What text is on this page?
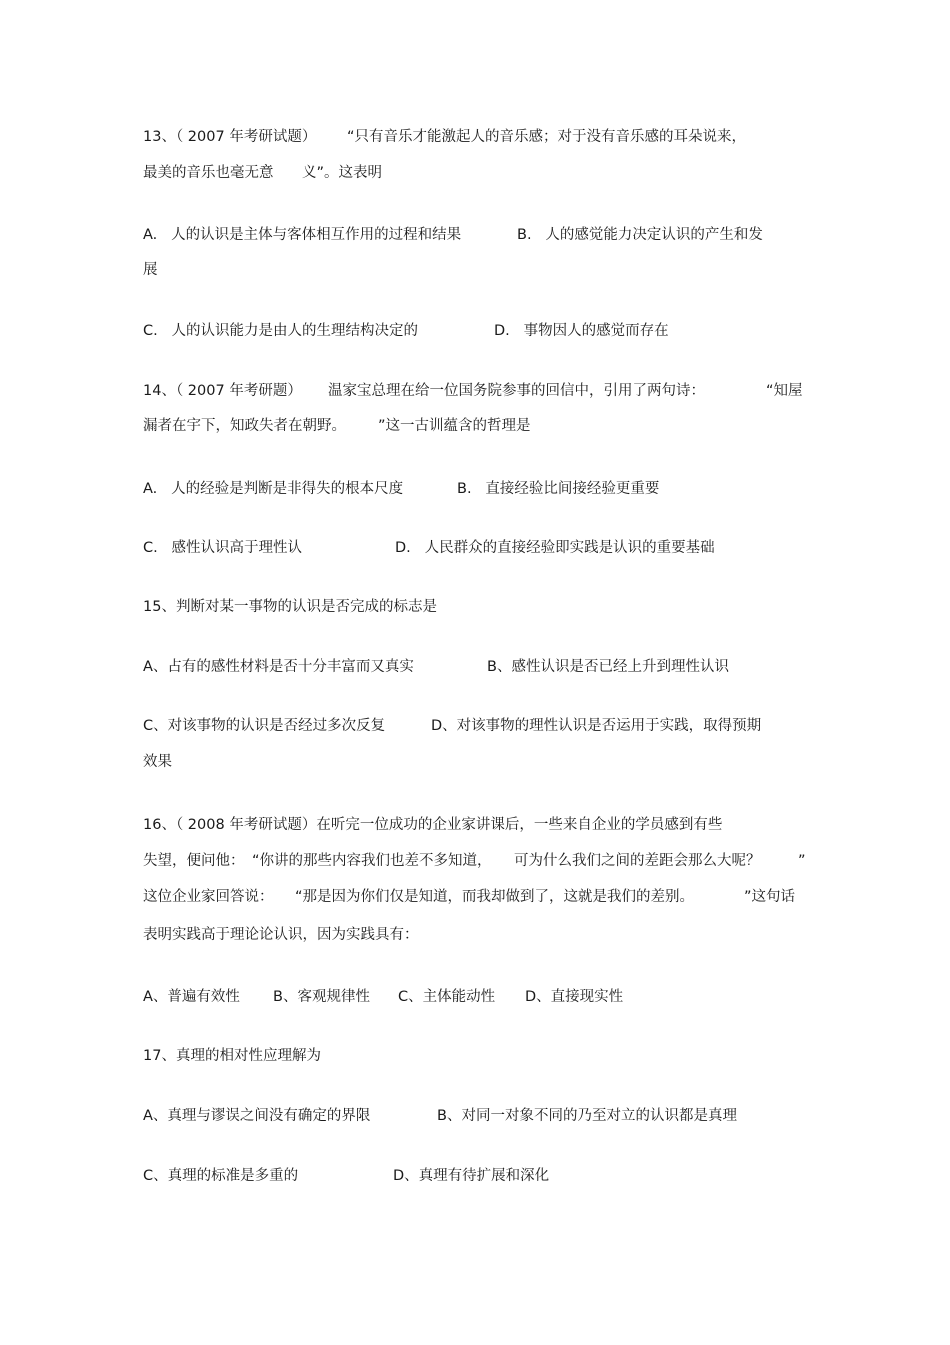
13、（ 2007 年考研试题） “只有音乐才能激起人的音乐感；对于没有音乐感的耳朵说来，
最美的音乐也毫无意 义”。这表明
A.   人的认识是主体与客体相互作用的过程和结果	B.   人的感觉能力决定认识的产生和发
展
C.   人的认识能力是由人的生理结构决定的	D.   事物因人的感觉而存在
14、（ 2007 年考研题） 温家宝总理在给一位国务院参事的回信中，引用了两句诗：	“知屋
漏者在宇下，知政失者在朝野。 ”这一古训蕴含的哲理是
A.   人的经验是判断是非得失的根本尺度	B.   直接经验比间接经验更重要
C.   感性认识高于理性认	D.   人民群众的直接经验即实践是认识的重要基础
15、判断对某一事物的认识是否完成的标志是
A、占有的感性材料是否十分丰富而又真实	B、感性认识是否已经上升到理性认识
C、对该事物的认识是否经过多次反复	D、对该事物的理性认识是否运用于实践，取得预期
效果
16、（ 2008 年考研试题）在听完一位成功的企业家讲课后，一些来自企业的学员感到有些
失望，便问他： “你讲的那些内容我们也差不多知道， 可为什么我们之间的差距会那么大呢？	”
这位企业家回答说： “那是因为你们仅是知道，而我却做到了，这就是我们的差别。	”这句话
表明实践高于理论论认识，因为实践具有：
A、普遍有效性 B、客观规律性 C、主体能动性 D、直接现实性
17、真理的相对性应理解为
A、真理与谬误之间没有确定的界限	B、对同一对象不同的乃至对立的认识都是真理
C、真理的标准是多重的	D、真理有待扩展和深化
